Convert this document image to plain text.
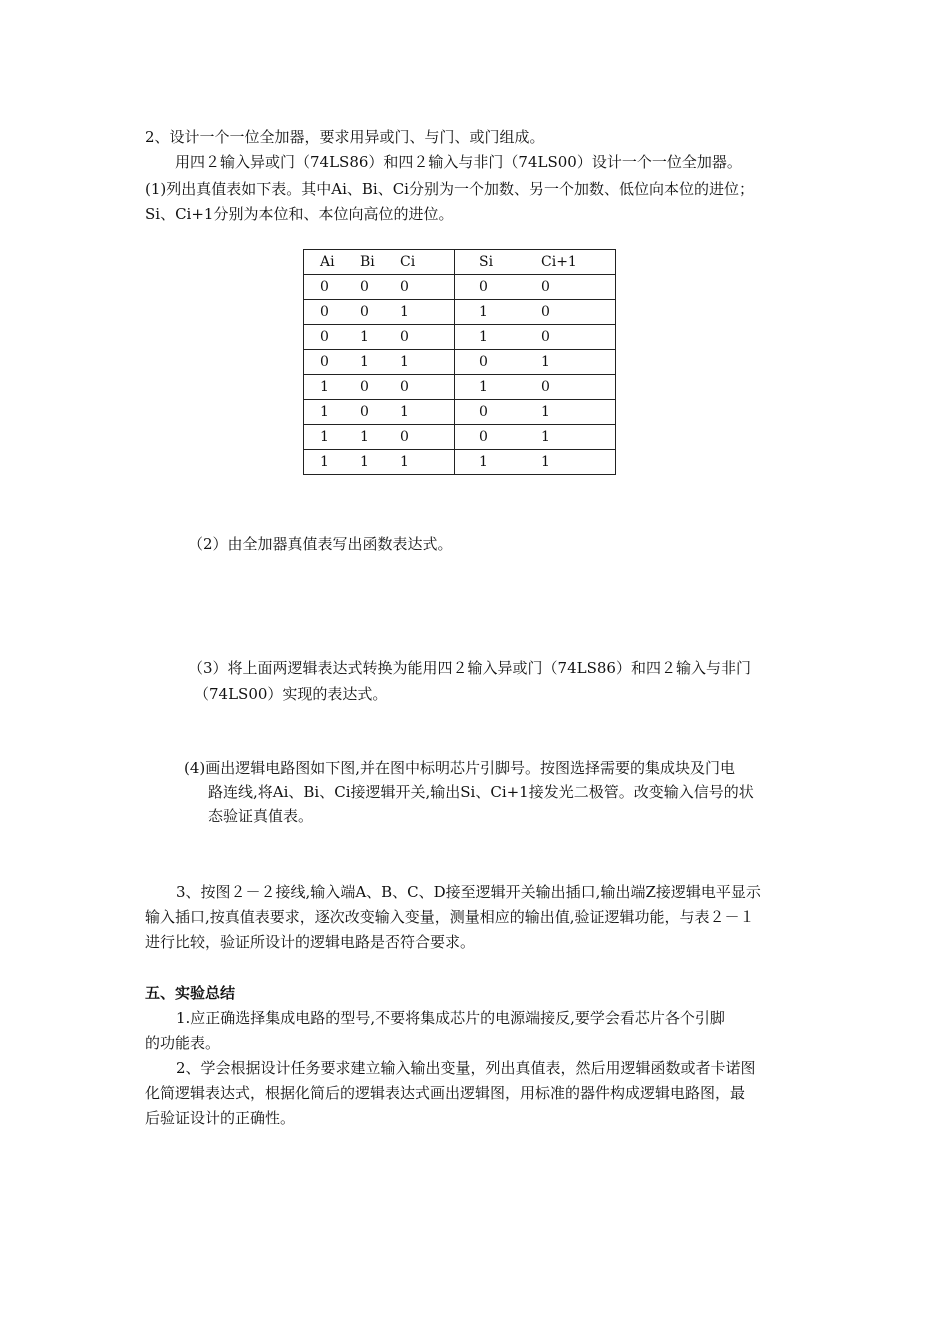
2、设计一个一位全加器，要求用异或门、与门、或门组成。
用四２输入异或门（74LS86）和四２输入与非门（74LS00）设计一个一位全加器。
(1)列出真值表如下表。其中Ai、Bi、Ci分别为一个加数、另一个加数、低位向本位的进位；
Si、Ci+1分别为本位和、本位向高位的进位。
Ai	Bi	Ci	Si	Ci+1
0	0	0	0	0
0	0	1	1	0
0	1	0	1	0
0	1	1	0	1
1	0	0	1	0
1	0	1	0	1
1	1	0	0	1
1	1	1	1	1
（2）由全加器真值表写出函数表达式。
（3）将上面两逻辑表达式转换为能用四２输入异或门（74LS86）和四２输入与非门
（74LS00）实现的表达式。
(4)画出逻辑电路图如下图,并在图中标明芯片引脚号。按图选择需要的集成块及门电
路连线,将Ai、Bi、Ci接逻辑开关,输出Si、Ci+1接发光二极管。改变输入信号的状
态验证真值表。
3、按图２－２接线,输入端A、B、C、D接至逻辑开关输出插口,输出端Z接逻辑电平显示
输入插口,按真值表要求，逐次改变输入变量，测量相应的输出值,验证逻辑功能，与表２－１
进行比较，验证所设计的逻辑电路是否符合要求。
五、实验总结
1.应正确选择集成电路的型号,不要将集成芯片的电源端接反,要学会看芯片各个引脚
的功能表。
2、学会根据设计任务要求建立输入输出变量，列出真值表，然后用逻辑函数或者卡诺图
化简逻辑表达式，根据化简后的逻辑表达式画出逻辑图，用标准的器件构成逻辑电路图，最
后验证设计的正确性。
